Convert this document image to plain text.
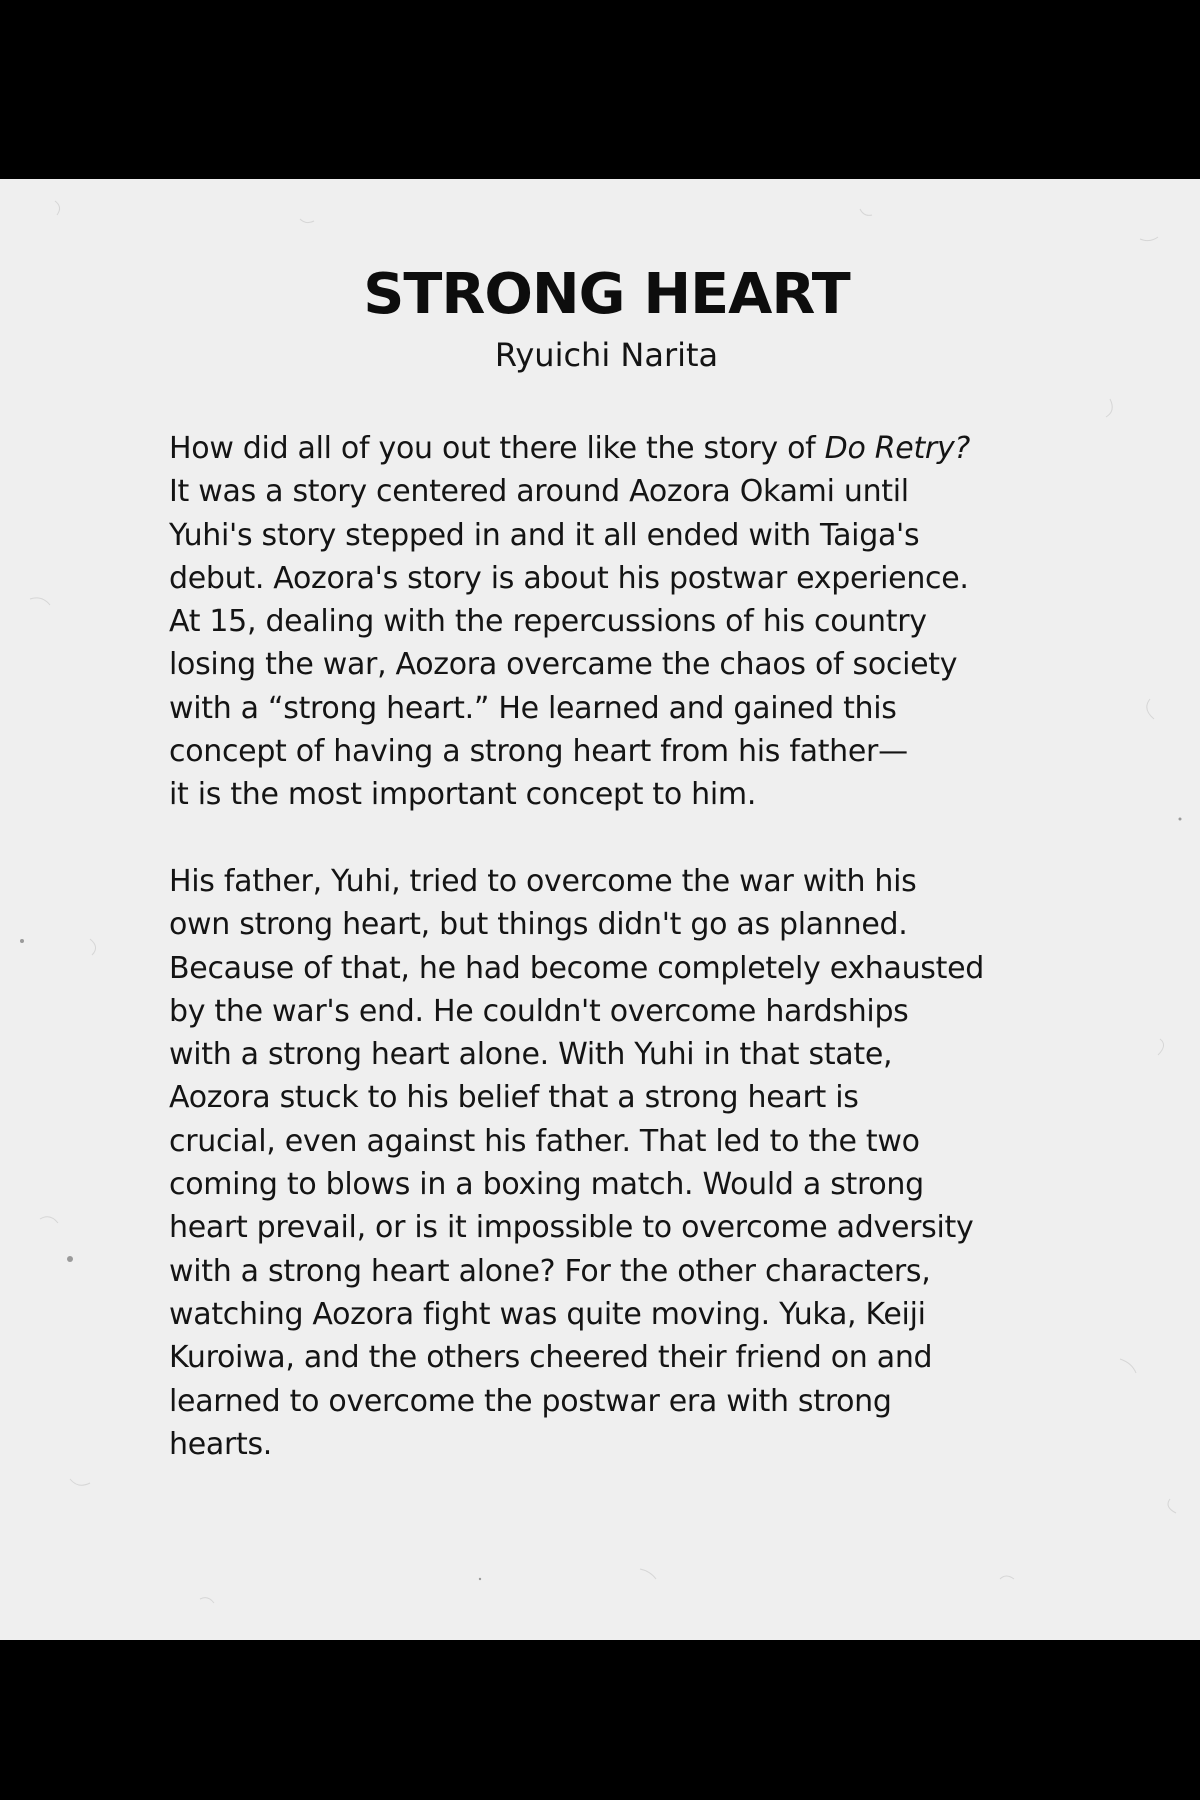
STRONG HEART

Ryuichi Narita

How did all of you out there like the story of Do Retry?
It was a story centered around Aozora Okami until
Yuhi's story stepped in and it all ended with Taiga's
debut. Aozora's story is about his postwar experience.
At 15, dealing with the repercussions of his country
losing the war, Aozora overcame the chaos of society
with a “strong heart.” He learned and gained this
concept of having a strong heart from his father—
it is the most important concept to him.
His father, Yuhi, tried to overcome the war with his
own strong heart, but things didn't go as planned.
Because of that, he had become completely exhausted
by the war's end. He couldn't overcome hardships
with a strong heart alone. With Yuhi in that state,
Aozora stuck to his belief that a strong heart is
crucial, even against his father. That led to the two
coming to blows in a boxing match. Would a strong
heart prevail, or is it impossible to overcome adversity
with a strong heart alone? For the other characters,
watching Aozora fight was quite moving. Yuka, Keiji
Kuroiwa, and the others cheered their friend on and
learned to overcome the postwar era with strong
hearts.
